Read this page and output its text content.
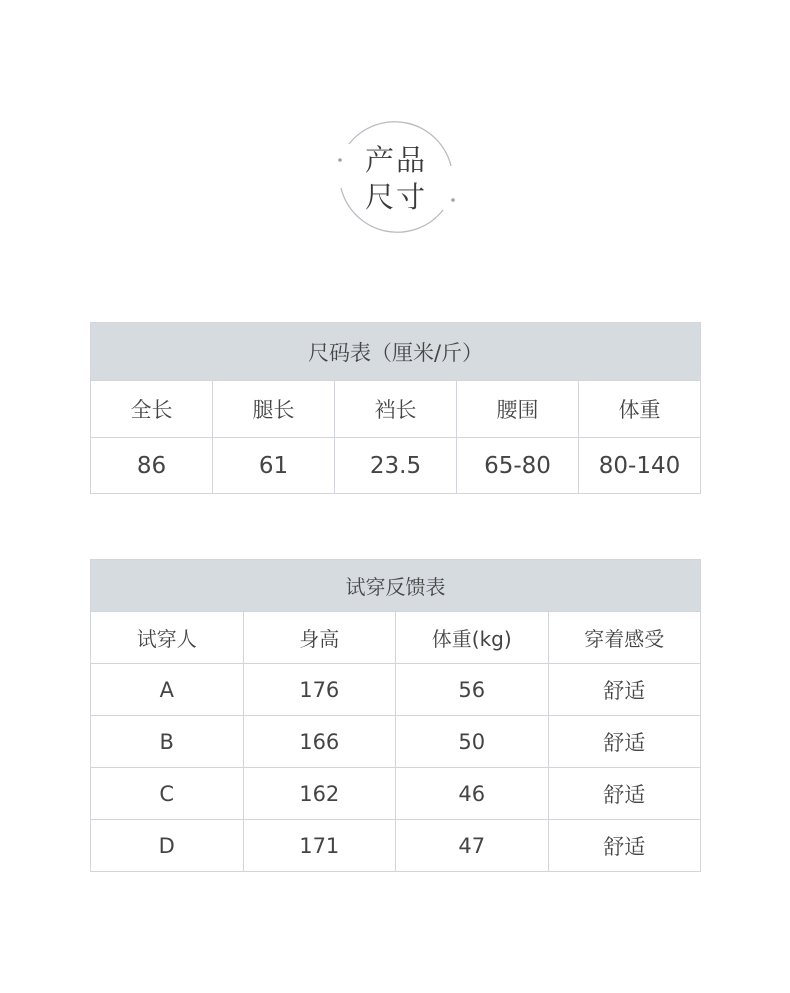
产品
尺寸
尺码表（厘米/斤）				
全长	腿长	裆长	腰围	体重
86	61	23.5	65-80	80-140
试穿反馈表			
试穿人	身高	体重(kg)	穿着感受
A	176	56	舒适
B	166	50	舒适
C	162	46	舒适
D	171	47	舒适
